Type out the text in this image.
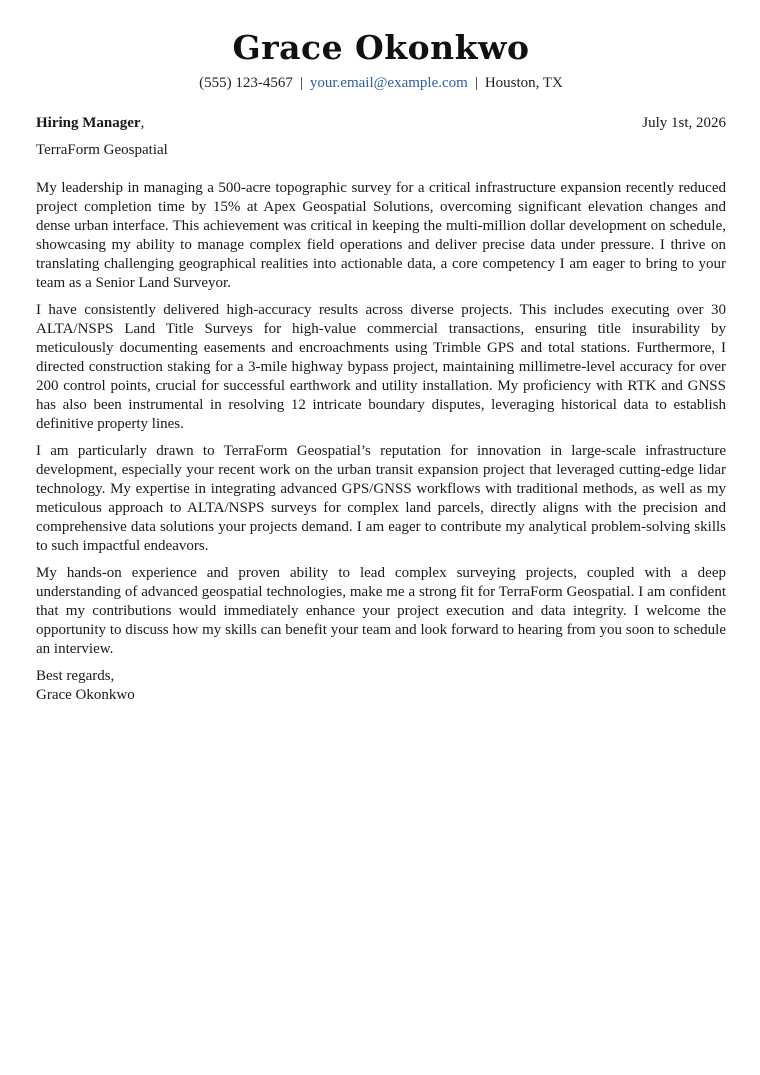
Grace Okonkwo
(555) 123-4567 | your.email@example.com | Houston, TX
Hiring Manager,	July 1st, 2026
TerraForm Geospatial

My leadership in managing a 500-acre topographic survey for a critical infrastructure expansion recently reduced project completion time by 15% at Apex Geospatial Solutions, overcoming significant elevation changes and dense urban interface. This achievement was critical in keeping the multi-million dollar development on schedule, showcasing my ability to manage complex field operations and deliver precise data under pressure. I thrive on translating challenging geographical realities into actionable data, a core competency I am eager to bring to your team as a Senior Land Surveyor.

I have consistently delivered high-accuracy results across diverse projects. This includes executing over 30 ALTA/NSPS Land Title Surveys for high-value commercial transactions, ensuring title insurability by meticulously documenting easements and encroachments using Trimble GPS and total stations. Furthermore, I directed construction staking for a 3-mile highway bypass project, maintaining millimetre-level accuracy for over 200 control points, crucial for successful earthwork and utility installation. My proficiency with RTK and GNSS has also been instrumental in resolving 12 intricate boundary disputes, leveraging historical data to establish definitive property lines.

I am particularly drawn to TerraForm Geospatial’s reputation for innovation in large-scale infrastructure development, especially your recent work on the urban transit expansion project that leveraged cutting-edge lidar technology. My expertise in integrating advanced GPS/GNSS workflows with traditional methods, as well as my meticulous approach to ALTA/NSPS surveys for complex land parcels, directly aligns with the precision and comprehensive data solutions your projects demand. I am eager to contribute my analytical problem-solving skills to such impactful endeavors.

My hands-on experience and proven ability to lead complex surveying projects, coupled with a deep understanding of advanced geospatial technologies, make me a strong fit for TerraForm Geospatial. I am confident that my contributions would immediately enhance your project execution and data integrity. I welcome the opportunity to discuss how my skills can benefit your team and look forward to hearing from you soon to schedule an interview.

Best regards,
Grace Okonkwo
